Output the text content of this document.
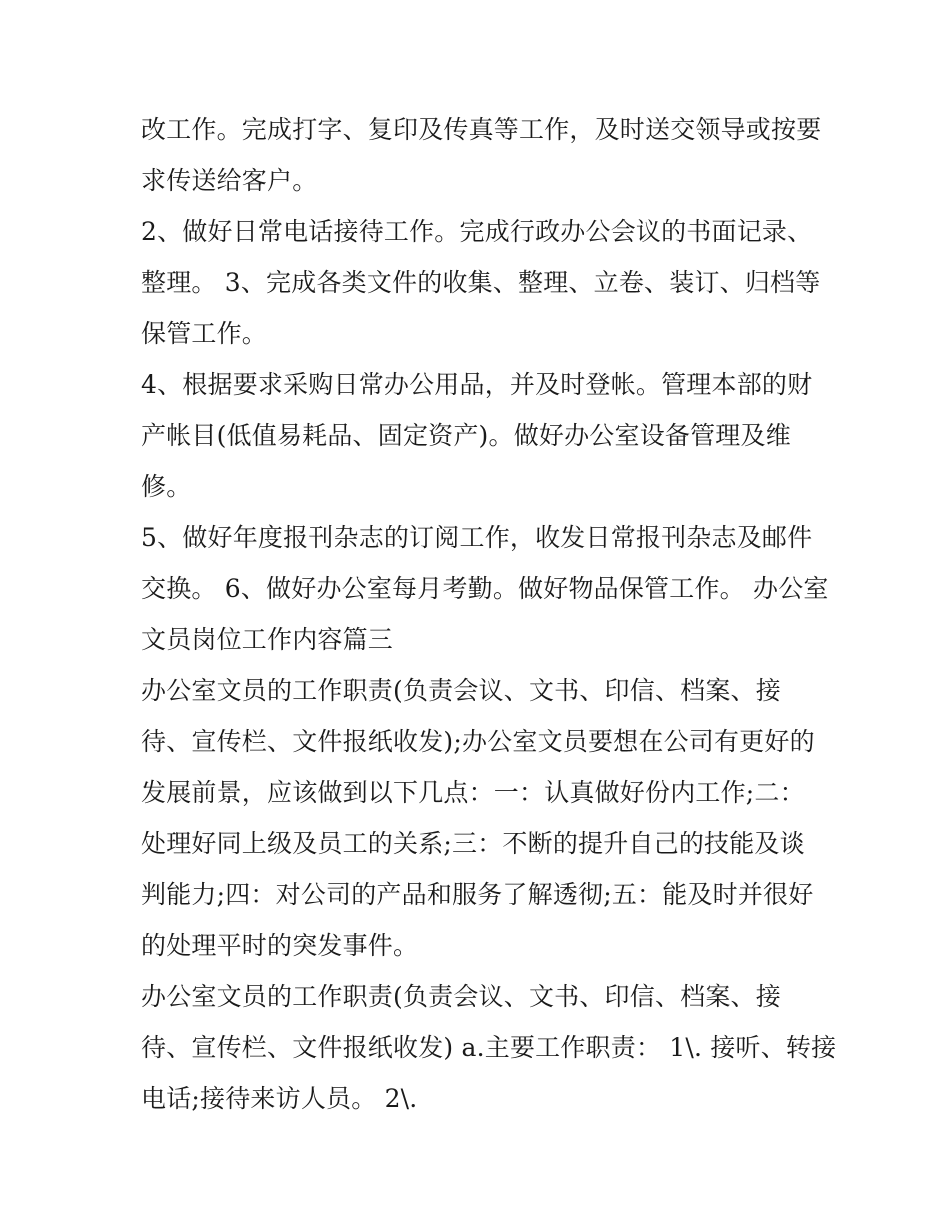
改工作。完成打字、复印及传真等工作，及时送交领导或按要
求传送给客户。
2、做好日常电话接待工作。完成行政办公会议的书面记录、
整理。 3、完成各类文件的收集、整理、立卷、装订、归档等
保管工作。
4、根据要求采购日常办公用品，并及时登帐。管理本部的财
产帐目(低值易耗品、固定资产)。做好办公室设备管理及维
修。
5、做好年度报刊杂志的订阅工作，收发日常报刊杂志及邮件
交换。 6、做好办公室每月考勤。做好物品保管工作。 办公室
文员岗位工作内容篇三
办公室文员的工作职责(负责会议、文书、印信、档案、接
待、宣传栏、文件报纸收发);办公室文员要想在公司有更好的
发展前景，应该做到以下几点：一：认真做好份内工作;二：
处理好同上级及员工的关系;三：不断的提升自己的技能及谈
判能力;四：对公司的产品和服务了解透彻;五：能及时并很好
的处理平时的突发事件。
办公室文员的工作职责(负责会议、文书、印信、档案、接
待、宣传栏、文件报纸收发) a.主要工作职责： 1\. 接听、转接
电话;接待来访人员。 2\.
